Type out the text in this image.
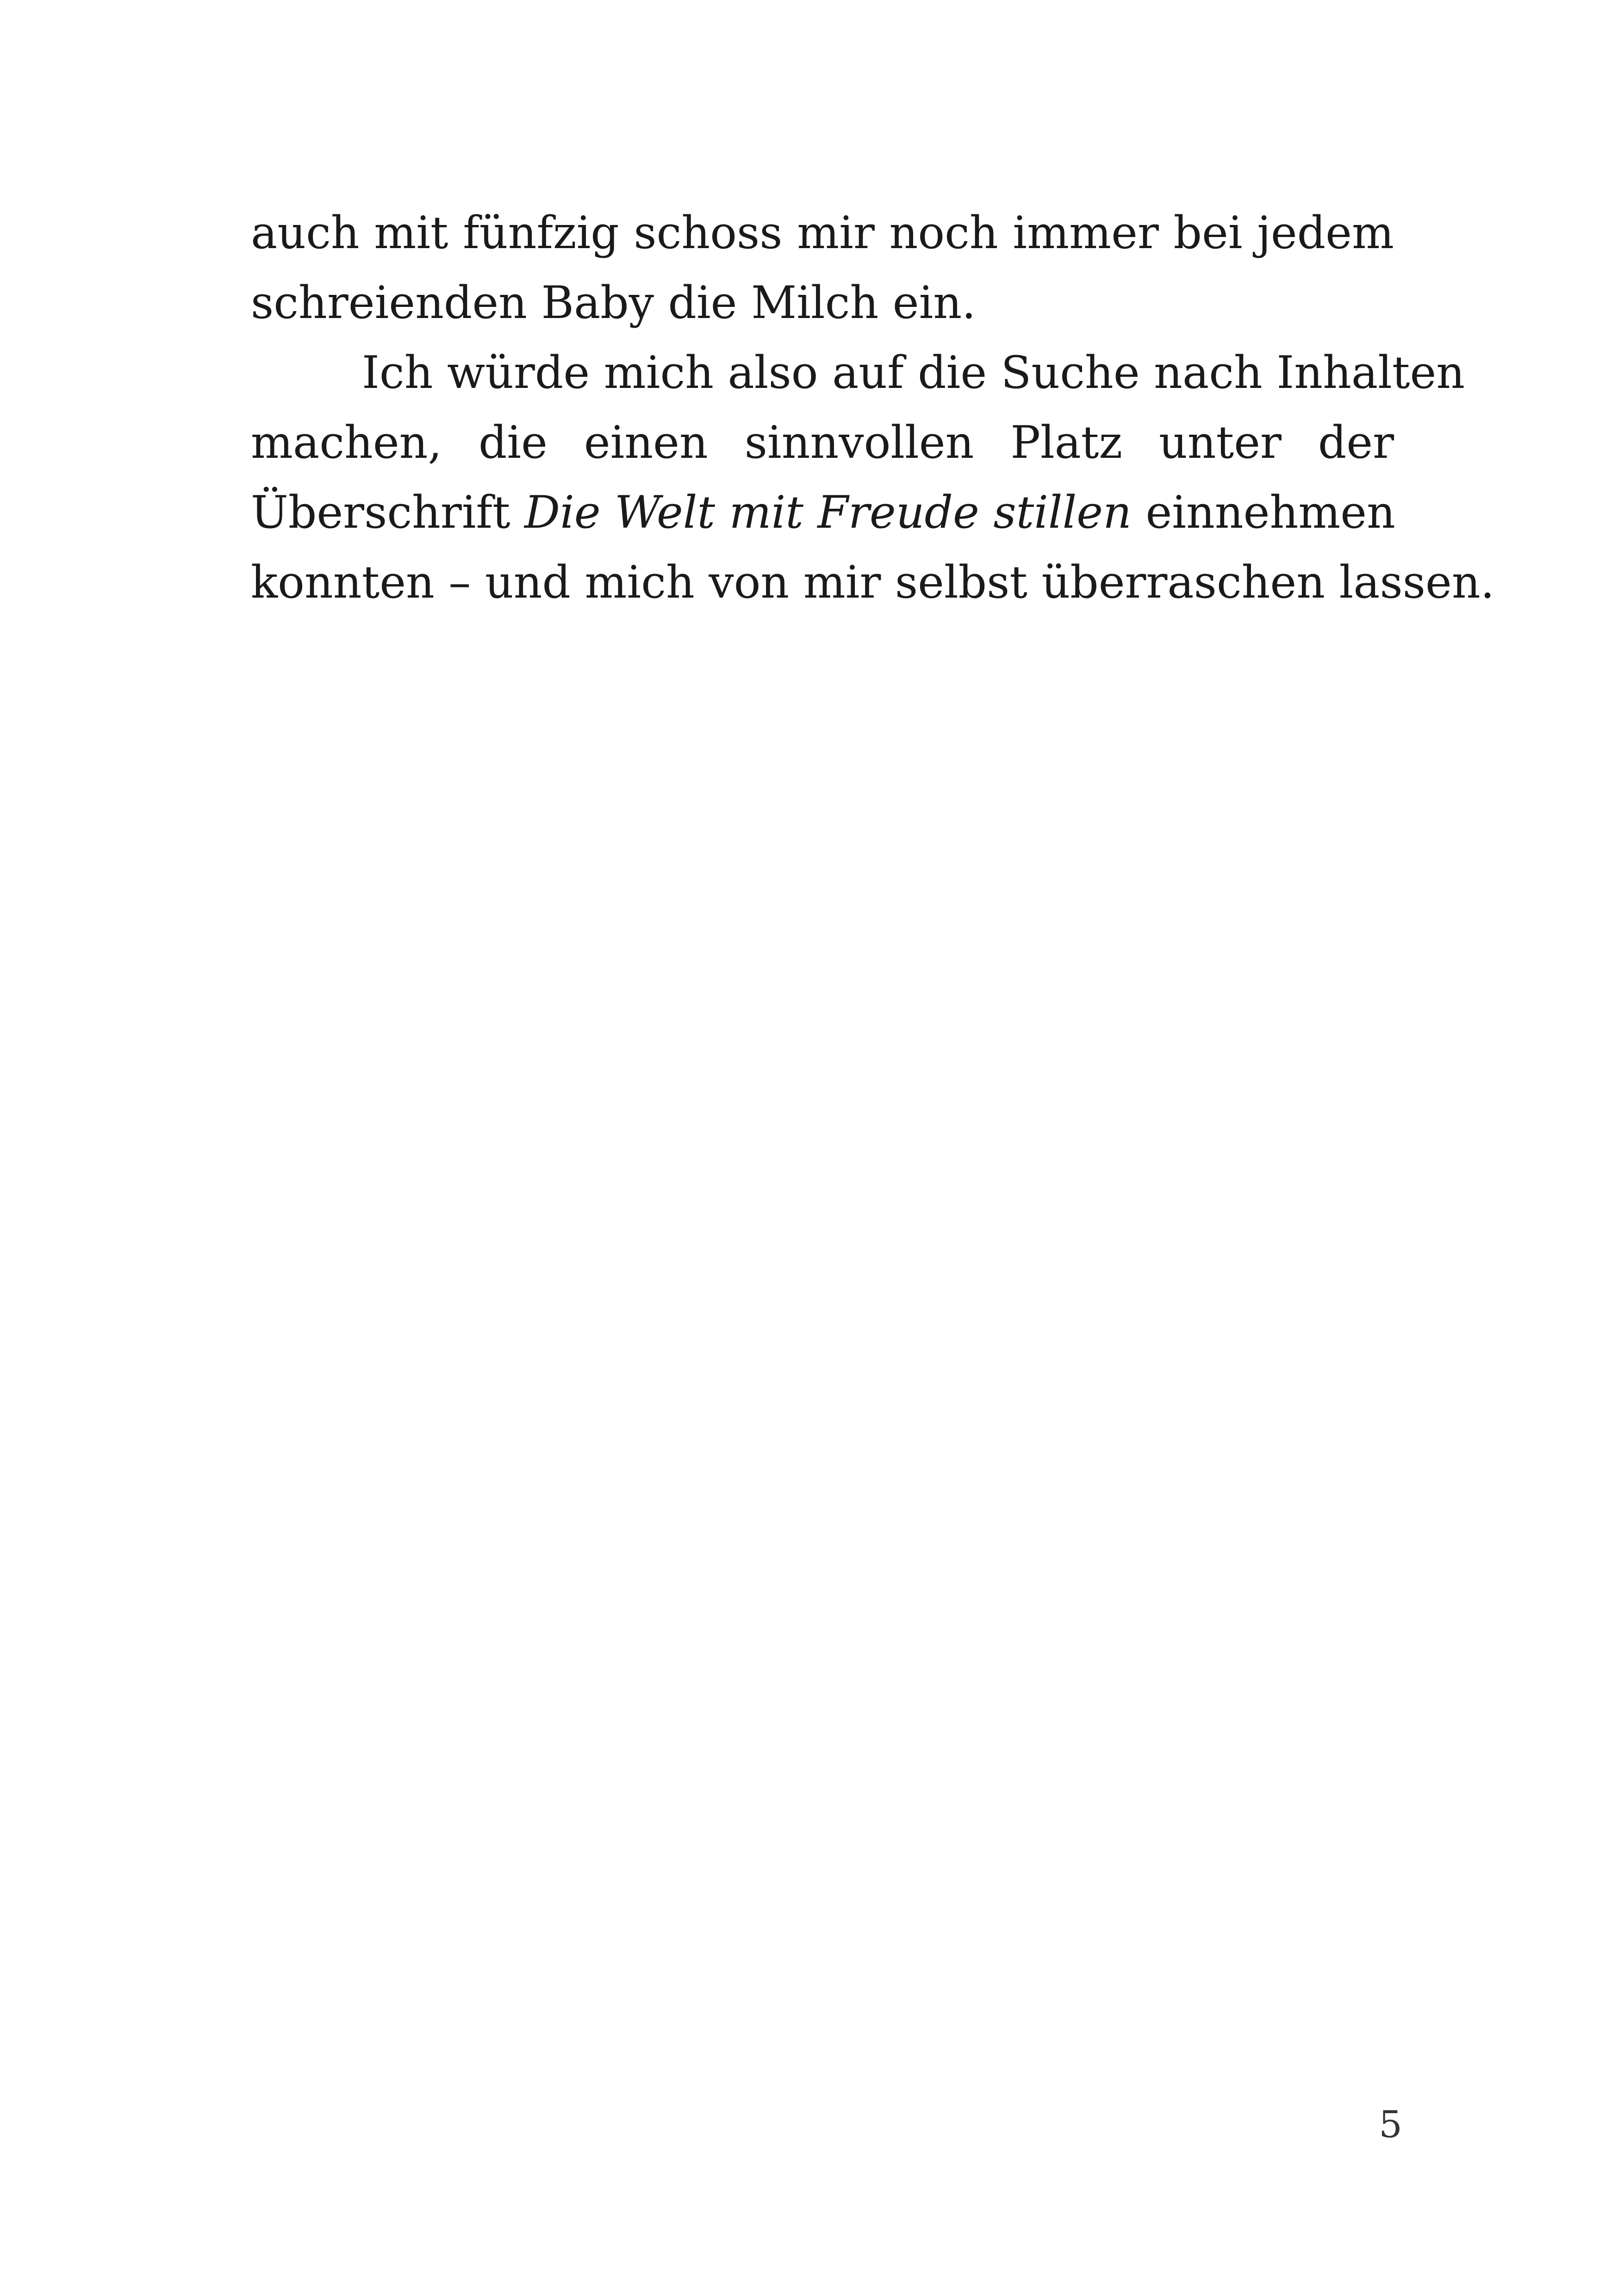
auch mit fünfzig schoss mir noch immer bei jedem
schreienden Baby die Milch ein.

Ich würde mich also auf die Suche nach Inhalten
machen, die einen sinnvollen Platz unter der
Überschrift Die Welt mit Freude stillen einnehmen
konnten – und mich von mir selbst überraschen lassen.

5
